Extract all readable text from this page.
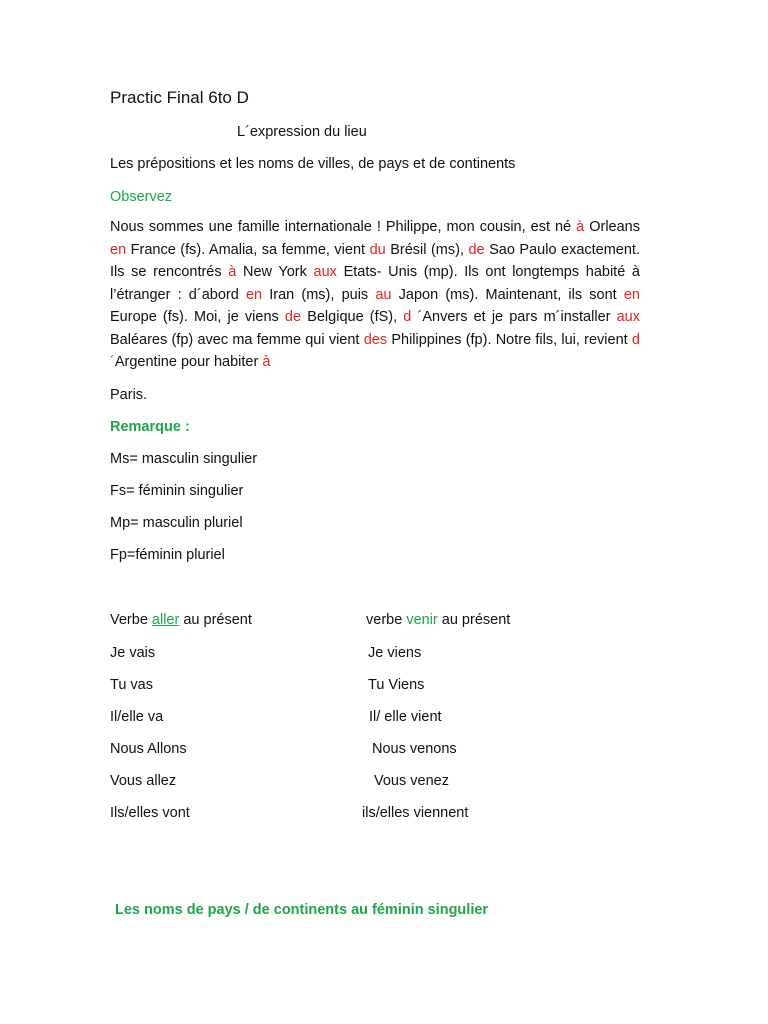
Practic Final 6to D
L´expression du lieu
Les prépositions et les noms de villes, de pays et de continents
Observez
Nous sommes une famille internationale ! Philippe, mon cousin, est né à Orleans en France (fs). Amalia, sa femme, vient du Brésil (ms), de Sao Paulo exactement. Ils se rencontrés à New York aux Etats- Unis (mp). Ils ont longtemps habité à l’étranger : d´abord en Iran (ms), puis au Japon (ms). Maintenant, ils sont en Europe (fs). Moi, je viens de Belgique (fS), d ´Anvers et je pars m´installer aux Baléares (fp) avec ma femme qui vient des Philippines (fp). Notre fils, lui, revient d´Argentine pour habiter à
Paris.
Remarque :
Ms= masculin singulier
Fs= féminin singulier
Mp= masculin pluriel
Fp=féminin pluriel
Verbe aller au présent	verbe venir au présent
Je vais
Tu vas
Il/elle va
Nous Allons
Vous allez
Ils/elles vont
Je viens
Tu Viens
Il/ elle vient
Nous venons
Vous venez
ils/elles viennent
Les noms de pays / de continents au féminin singulier
